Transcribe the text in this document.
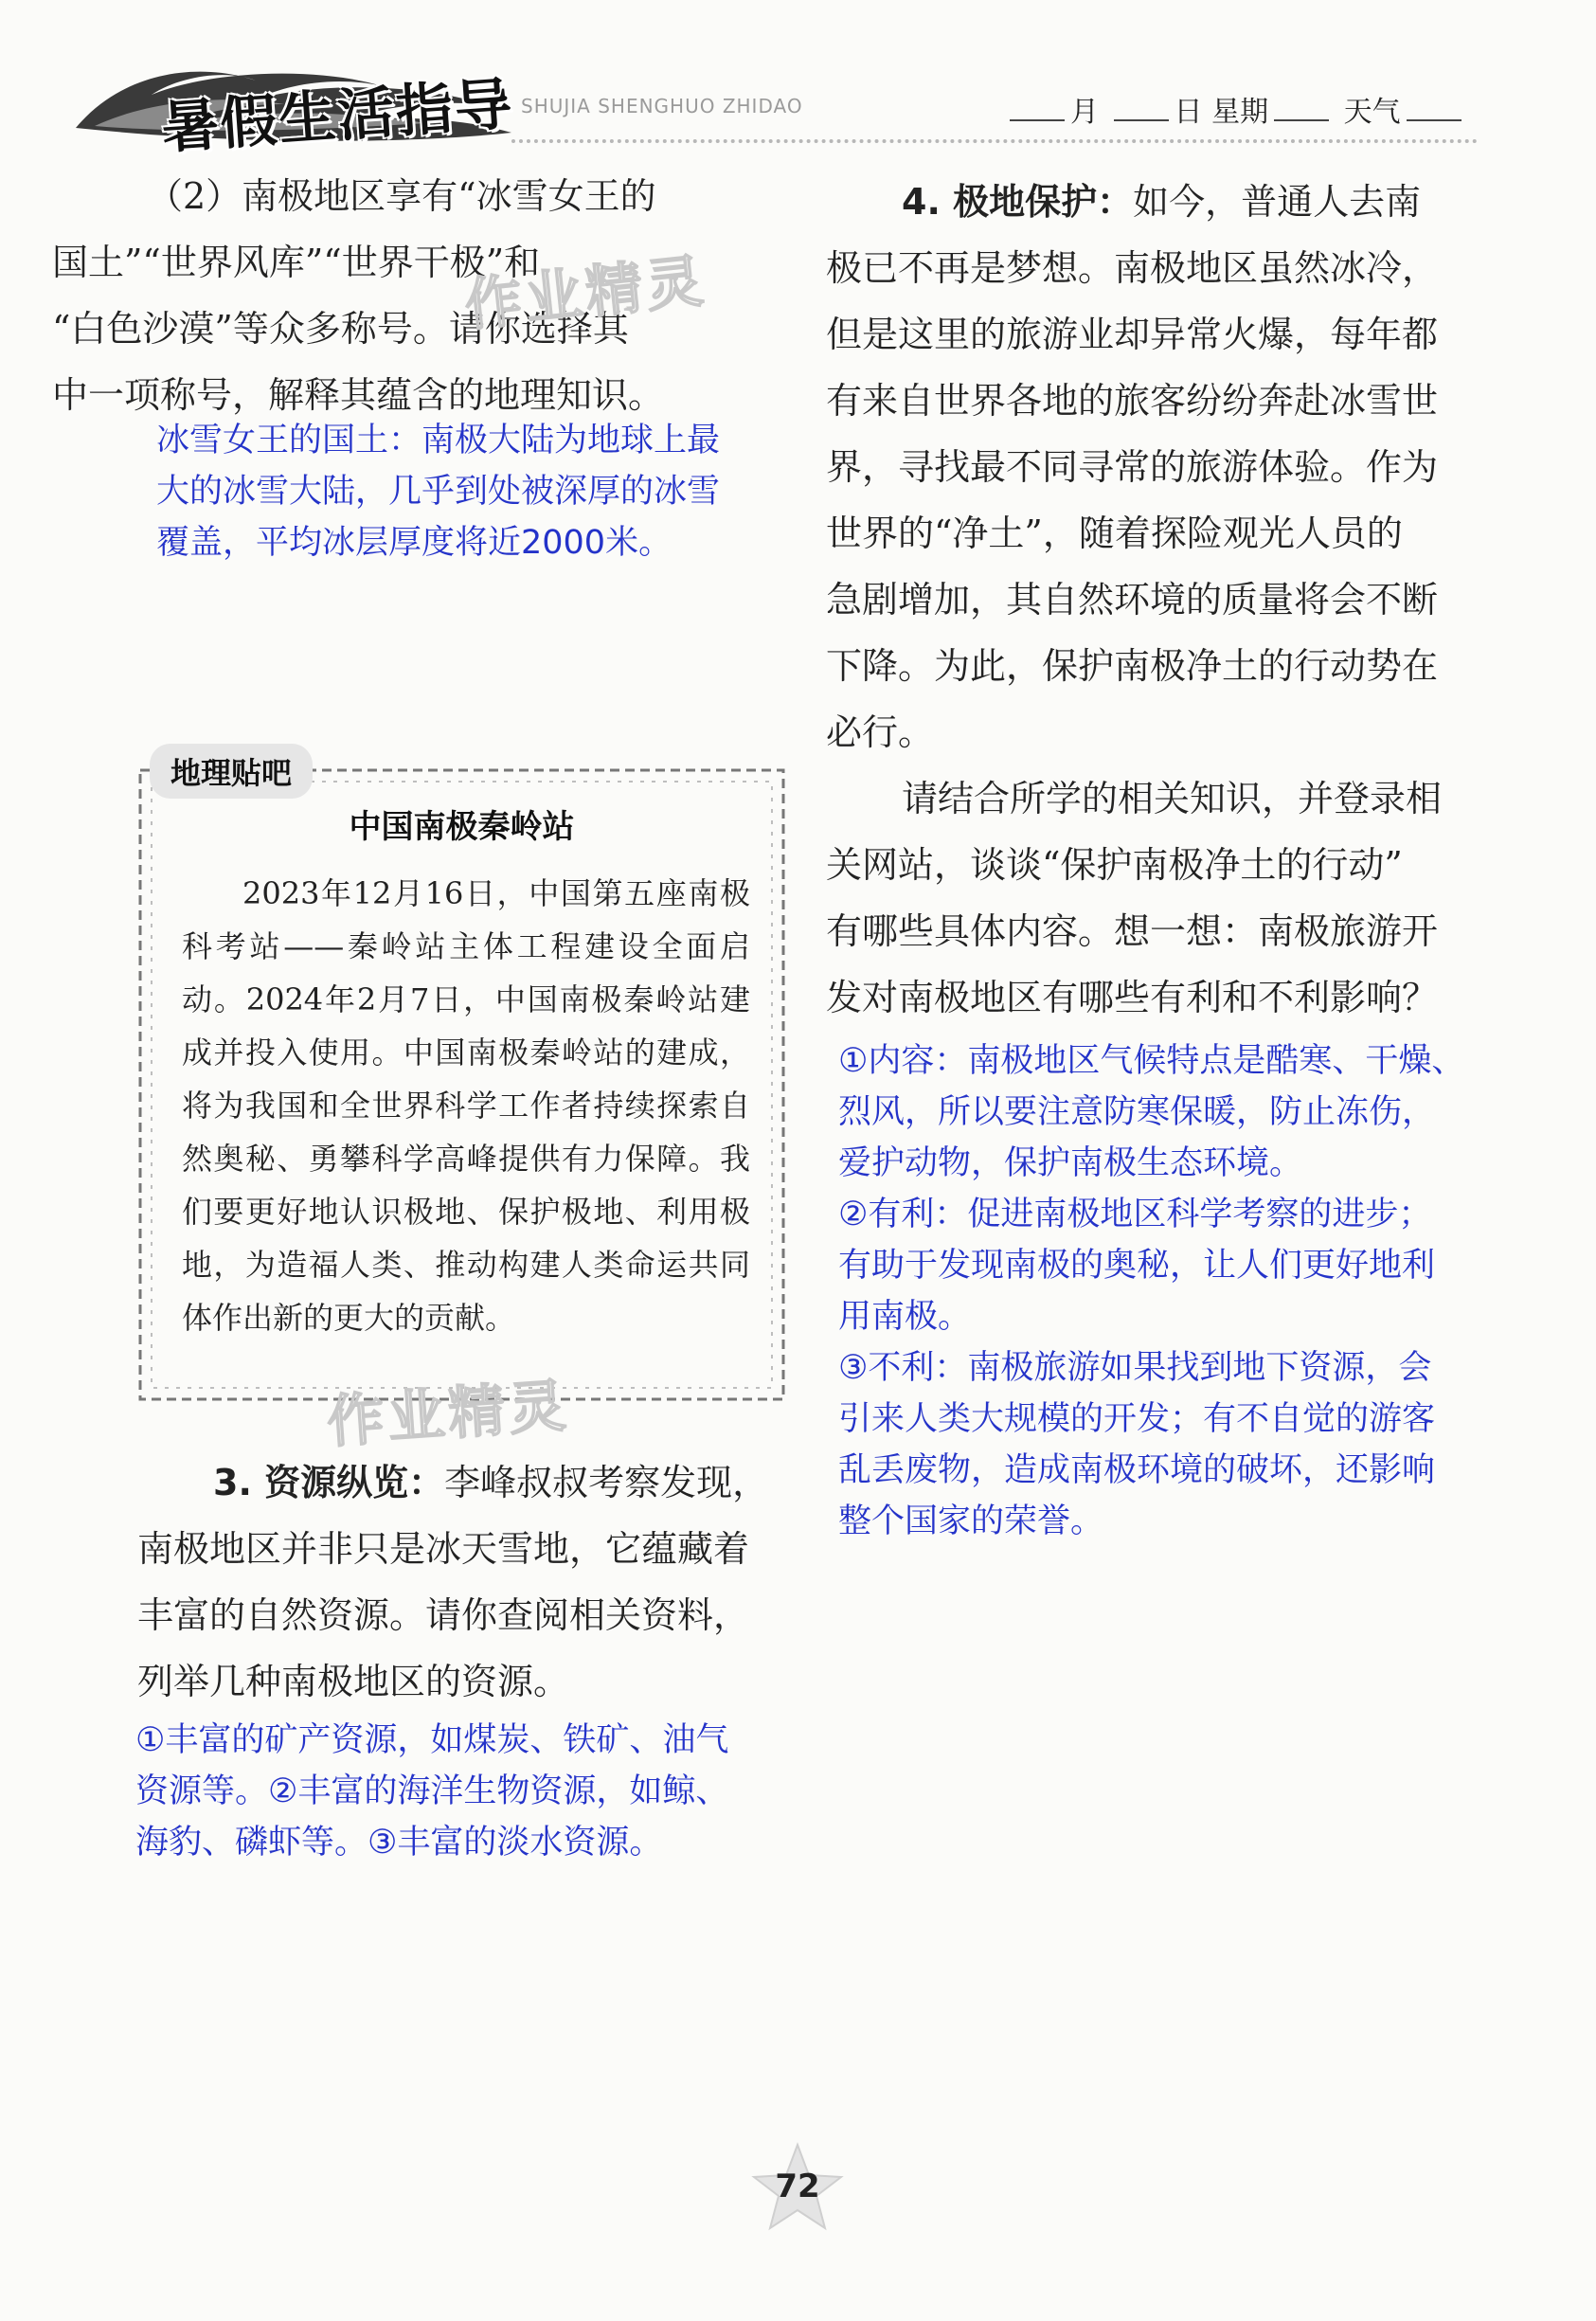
暑假生活指导 SHUJIA SHENGHUO ZHIDAO	月	日 星期	天气

（2）南极地区享有“冰雪女王的

国土”“世界风库”“世界干极”和

“白色沙漠”等众多称号。请你选择其

中一项称号，解释其蕴含的地理知识。

冰雪女王的国土：南极大陆为地球上最

大的冰雪大陆，几乎到处被深厚的冰雪

覆盖，平均冰层厚度将近2000米。

地理贴吧
中国南极秦岭站

2023年12月16日，中国第五座南极科考站——秦岭站主体工程建设全面启动。2024年2月7日，中国南极秦岭站建成并投入使用。中国南极秦岭站的建成，将为我国和全世界科学工作者持续探索自然奥秘、勇攀科学高峰提供有力保障。我们要更好地认识极地、保护极地、利用极地，为造福人类、推动构建人类命运共同体作出新的更大的贡献。

3. 资源纵览：李峰叔叔考察发现，

南极地区并非只是冰天雪地，它蕴藏着

丰富的自然资源。请你查阅相关资料，

列举几种南极地区的资源。

①丰富的矿产资源，如煤炭、铁矿、油气

资源等。②丰富的海洋生物资源，如鲸、

海豹、磷虾等。③丰富的淡水资源。

4. 极地保护：如今，普通人去南

极已不再是梦想。南极地区虽然冰冷，

但是这里的旅游业却异常火爆，每年都

有来自世界各地的旅客纷纷奔赴冰雪世

界，寻找最不同寻常的旅游体验。作为

世界的“净土”，随着探险观光人员的

急剧增加，其自然环境的质量将会不断

下降。为此，保护南极净土的行动势在

必行。

请结合所学的相关知识，并登录相

关网站，谈谈“保护南极净土的行动”

有哪些具体内容。想一想：南极旅游开

发对南极地区有哪些有利和不利影响？

①内容：南极地区气候特点是酷寒、干燥、

烈风，所以要注意防寒保暖，防止冻伤，

爱护动物，保护南极生态环境。

②有利：促进南极地区科学考察的进步；

有助于发现南极的奥秘，让人们更好地利

用南极。

③不利：南极旅游如果找到地下资源，会

引来人类大规模的开发；有不自觉的游客

乱丢废物，造成南极环境的破坏，还影响

整个国家的荣誉。

作业精灵
作业精灵
72
